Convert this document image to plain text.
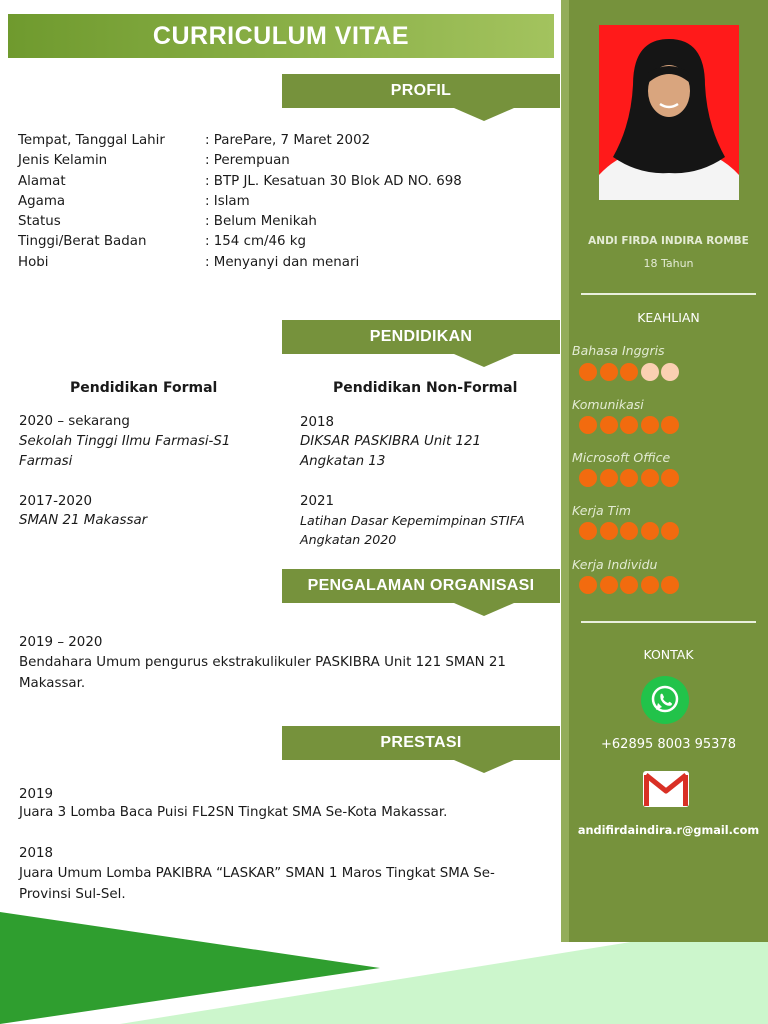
CURRICULUM VITAE
PROFIL
Tempat, Tanggal Lahir	: ParePare, 7 Maret 2002
Jenis Kelamin	: Perempuan
Alamat	: BTP JL. Kesatuan 30 Blok AD NO. 698
Agama	: Islam
Status	: Belum Menikah
Tinggi/Berat Badan	: 154 cm/46 kg
Hobi	: Menyanyi dan menari
PENDIDIKAN
Pendidikan Formal	Pendidikan Non-Formal
2020 – sekarang
Sekolah Tinggi Ilmu Farmasi-S1
Farmasi
2017-2020
SMAN 21 Makassar
2018
DIKSAR PASKIBRA Unit 121
Angkatan 13
2021
Latihan Dasar Kepemimpinan STIFA
Angkatan 2020
PENGALAMAN ORGANISASI
2019 – 2020
Bendahara Umum pengurus ekstrakulikuler PASKIBRA Unit 121 SMAN 21
Makassar.
PRESTASI
2019
Juara 3 Lomba Baca Puisi FL2SN Tingkat SMA Se-Kota Makassar.
2018
Juara Umum Lomba PAKIBRA “LASKAR” SMAN 1 Maros Tingkat SMA Se-
Provinsi Sul-Sel.
ANDI FIRDA INDIRA ROMBE
18 Tahun
KEAHLIAN
Bahasa Inggris
Komunikasi
Microsoft Office
Kerja Tim
Kerja Individu
KONTAK
+62895 8003 95378
andifirdaindira.r@gmail.com
